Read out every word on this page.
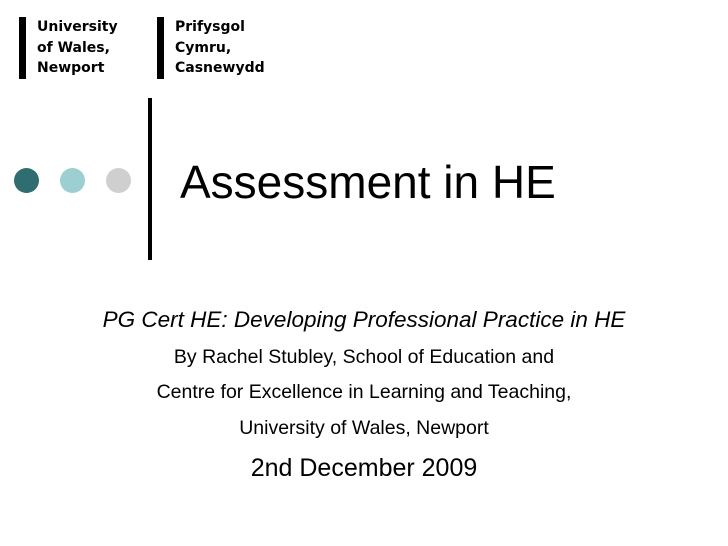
University
of Wales,
Newport
Prifysgol
Cymru,
Casnewydd
Assessment in HE
PG Cert HE: Developing Professional Practice in HE
By Rachel Stubley, School of Education and
Centre for Excellence in Learning and Teaching,
University of Wales, Newport
2nd December 2009
